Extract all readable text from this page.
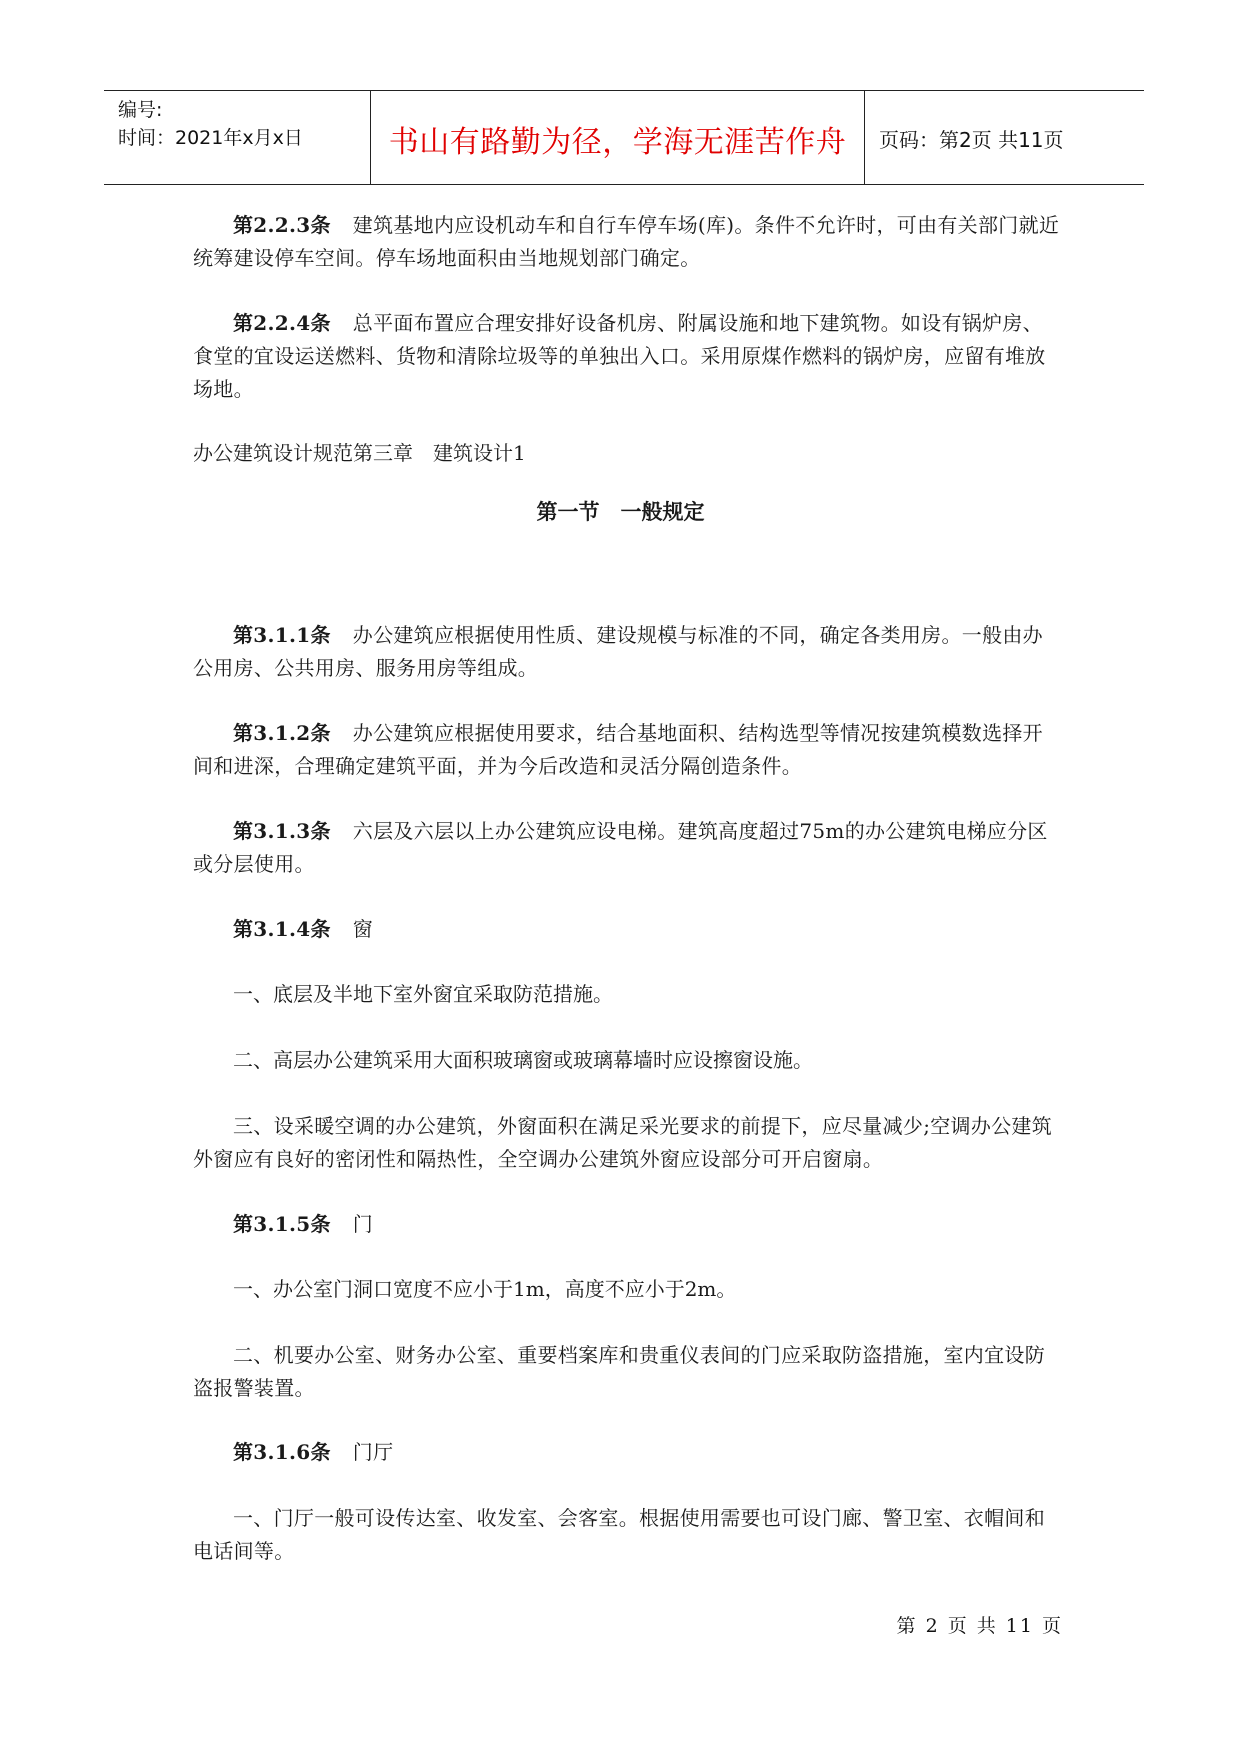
编号:
时间：2021年x月x日	书山有路勤为径，学海无涯苦作舟	页码：第2页 共11页
第2.2.3条 建筑基地内应设机动车和自行车停车场(库)。条件不允许时，可由有关部门就近统筹建设停车空间。停车场地面积由当地规划部门确定。
第2.2.4条 总平面布置应合理安排好设备机房、附属设施和地下建筑物。如设有锅炉房、食堂的宜设运送燃料、货物和清除垃圾等的单独出入口。采用原煤作燃料的锅炉房，应留有堆放场地。
办公建筑设计规范第三章　建筑设计1
第一节　一般规定
第3.1.1条 办公建筑应根据使用性质、建设规模与标准的不同，确定各类用房。一般由办公用房、公共用房、服务用房等组成。
第3.1.2条 办公建筑应根据使用要求，结合基地面积、结构选型等情况按建筑模数选择开间和进深，合理确定建筑平面，并为今后改造和灵活分隔创造条件。
第3.1.3条 六层及六层以上办公建筑应设电梯。建筑高度超过75m的办公建筑电梯应分区或分层使用。
第3.1.4条 窗
一、底层及半地下室外窗宜采取防范措施。
二、高层办公建筑采用大面积玻璃窗或玻璃幕墙时应设擦窗设施。
三、设采暖空调的办公建筑，外窗面积在满足采光要求的前提下，应尽量减少;空调办公建筑外窗应有良好的密闭性和隔热性，全空调办公建筑外窗应设部分可开启窗扇。
第3.1.5条 门
一、办公室门洞口宽度不应小于1m，高度不应小于2m。
二、机要办公室、财务办公室、重要档案库和贵重仪表间的门应采取防盗措施，室内宜设防盗报警装置。
第3.1.6条 门厅
一、门厅一般可设传达室、收发室、会客室。根据使用需要也可设门廊、警卫室、衣帽间和电话间等。
第 2 页 共 11 页
